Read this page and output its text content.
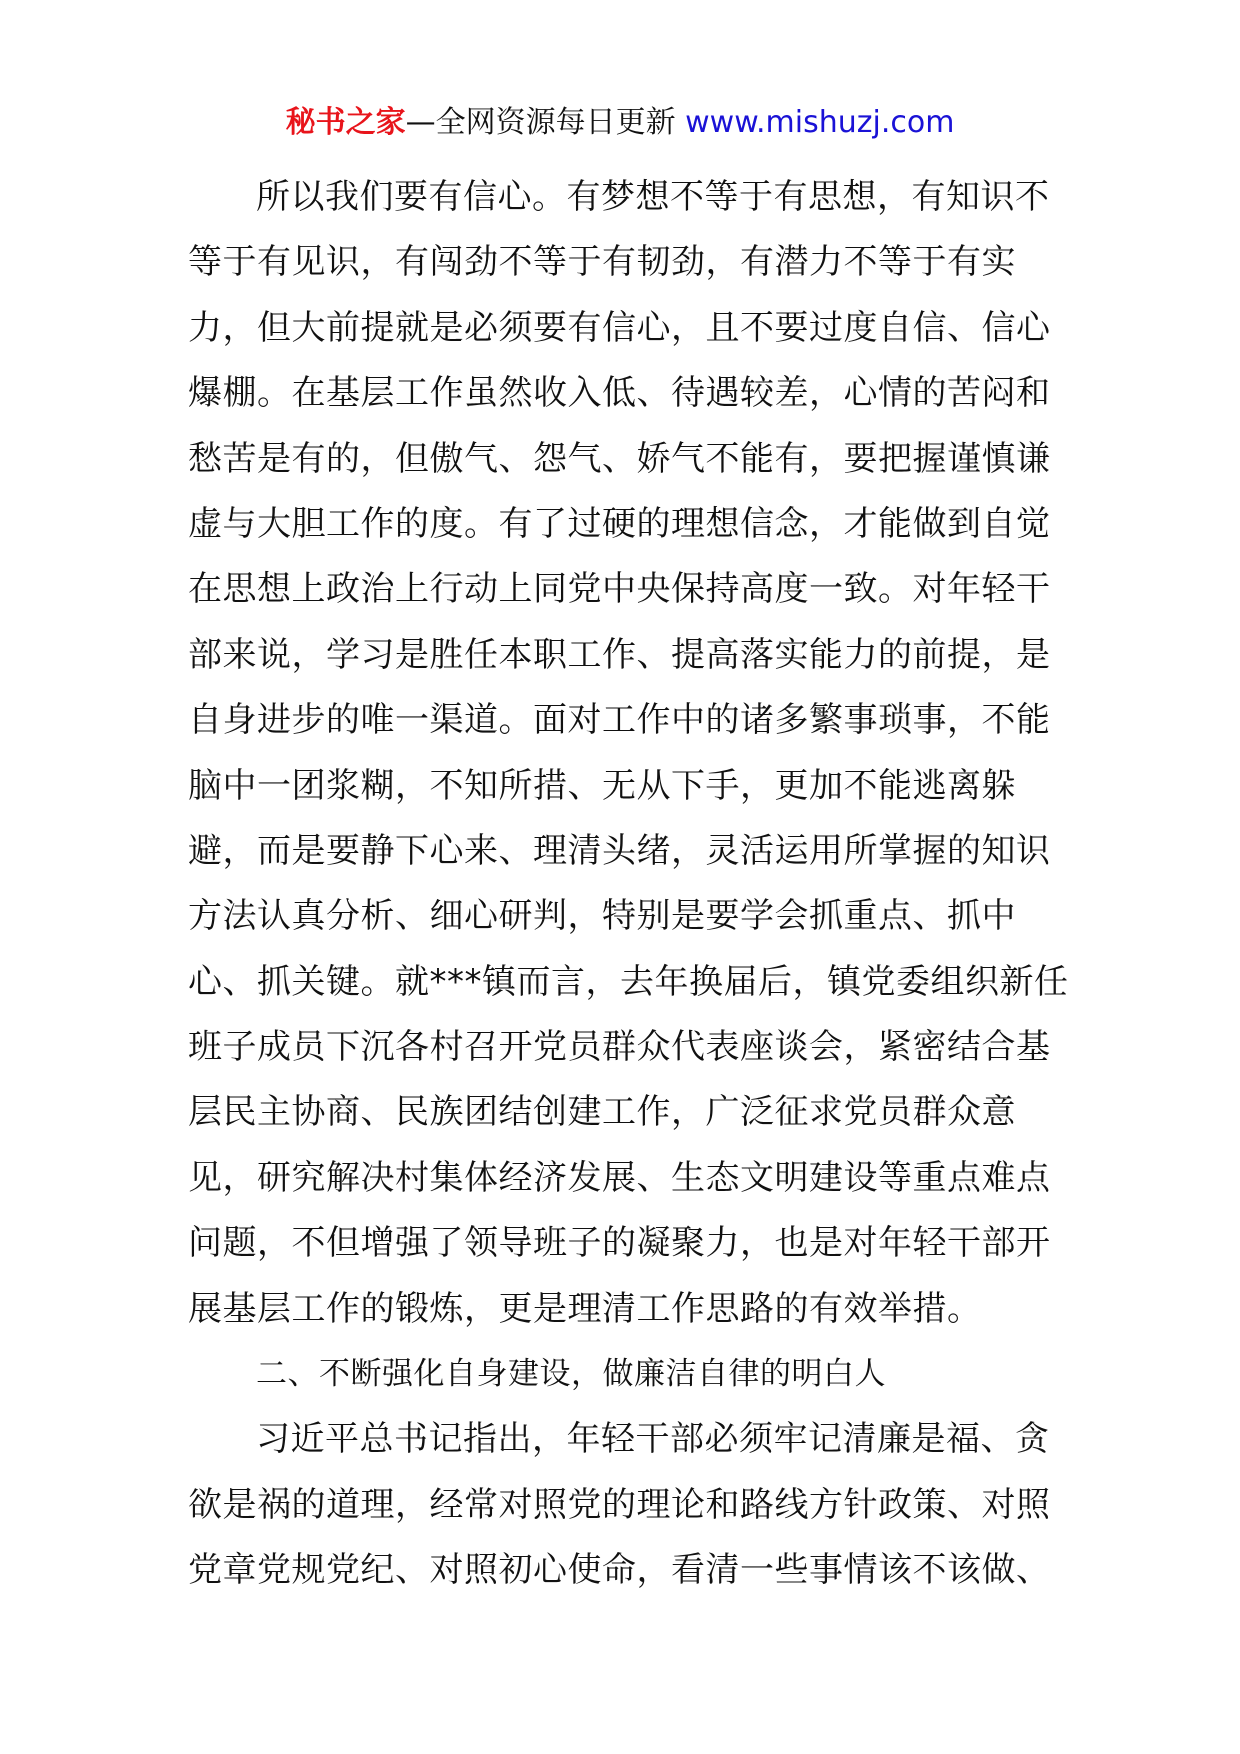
秘书之家—全网资源每日更新 www.mishuzj.com
所以我们要有信心。有梦想不等于有思想，有知识不
等于有见识，有闯劲不等于有韧劲，有潜力不等于有实
力，但大前提就是必须要有信心，且不要过度自信、信心
爆棚。在基层工作虽然收入低、待遇较差，心情的苦闷和
愁苦是有的，但傲气、怨气、娇气不能有，要把握谨慎谦
虚与大胆工作的度。有了过硬的理想信念，才能做到自觉
在思想上政治上行动上同党中央保持高度一致。对年轻干
部来说，学习是胜任本职工作、提高落实能力的前提，是
自身进步的唯一渠道。面对工作中的诸多繁事琐事，不能
脑中一团浆糊，不知所措、无从下手，更加不能逃离躲
避，而是要静下心来、理清头绪，灵活运用所掌握的知识
方法认真分析、细心研判，特别是要学会抓重点、抓中
心、抓关键。就***镇而言，去年换届后，镇党委组织新任
班子成员下沉各村召开党员群众代表座谈会，紧密结合基
层民主协商、民族团结创建工作，广泛征求党员群众意
见，研究解决村集体经济发展、生态文明建设等重点难点
问题，不但增强了领导班子的凝聚力，也是对年轻干部开
展基层工作的锻炼，更是理清工作思路的有效举措。
二、不断强化自身建设，做廉洁自律的明白人
习近平总书记指出，年轻干部必须牢记清廉是福、贪
欲是祸的道理，经常对照党的理论和路线方针政策、对照
党章党规党纪、对照初心使命，看清一些事情该不该做、
